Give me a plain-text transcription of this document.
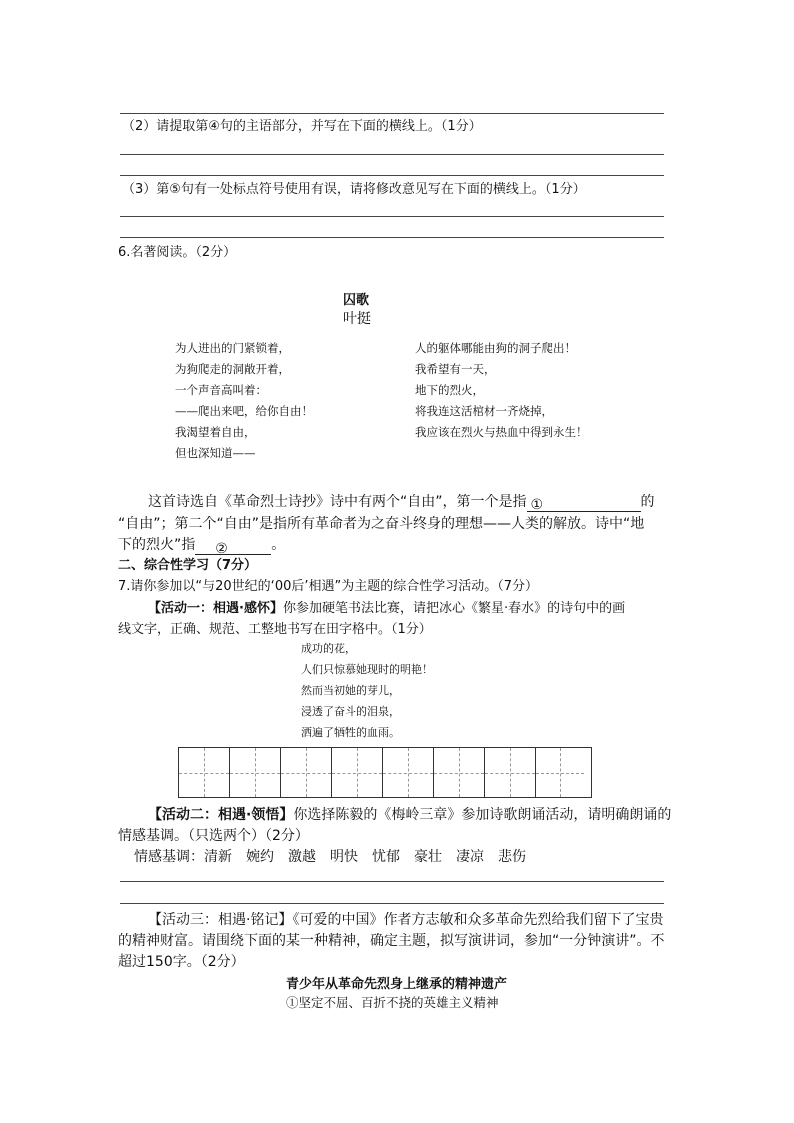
（2）请提取第④句的主语部分，并写在下面的横线上。（1分）
（3）第⑤句有一处标点符号使用有误，请将修改意见写在下面的横线上。（1分）
6.名著阅读。（2分）
囚歌
叶挺
为人进出的门紧锁着，
为狗爬走的洞敞开着，
一个声音高叫着：
——爬出来吧，给你自由！
我渴望着自由，
但也深知道——
人的躯体哪能由狗的洞子爬出！
我希望有一天，
地下的烈火，
将我连这活棺材一齐烧掉，
我应该在烈火与热血中得到永生！
这首诗选自《革命烈士诗抄》诗中有两个“自由”，第一个是指 ①	的
“自由”；第二个“自由”是指所有革命者为之奋斗终身的理想——人类的解放。诗中“地
下的烈火”指 ②	。
二、综合性学习（7分）
7.请你参加以“与20世纪的‘00后’相遇”为主题的综合性学习活动。（7分）
【活动一：相遇·感怀】你参加硬笔书法比赛，请把冰心《繁星·春水》的诗句中的画
线文字，正确、规范、工整地书写在田字格中。（1分）
成功的花，
人们只惊慕她现时的明艳！
然而当初她的芽儿，
浸透了奋斗的泪泉，
洒遍了牺牲的血雨。
【活动二：相遇·领悟】你选择陈毅的《梅岭三章》参加诗歌朗诵活动，请明确朗诵的
情感基调。（只选两个）（2分）
情感基调：清新 婉约 激越 明快 忧郁 豪壮 凄凉 悲伤
【活动三：相遇·铭记】《可爱的中国》作者方志敏和众多革命先烈给我们留下了宝贵
的精神财富。请围绕下面的某一种精神，确定主题，拟写演讲词，参加“一分钟演讲”。不
超过150字。（2分）
青少年从革命先烈身上继承的精神遗产
①坚定不屈、百折不挠的英雄主义精神
